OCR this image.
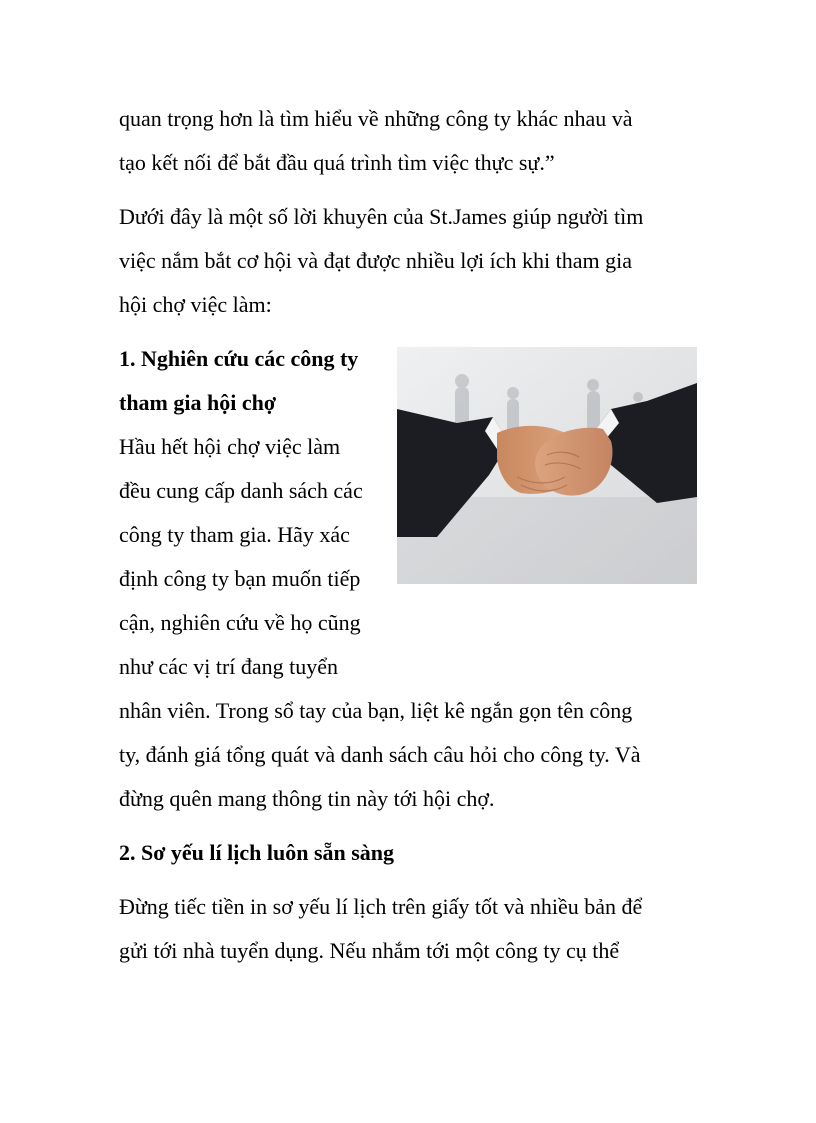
quan trọng hơn là tìm hiểu về những công ty khác nhau và

tạo kết nối để bắt đầu quá trình tìm việc thực sự.”

Dưới đây là một số lời khuyên của St.James giúp người tìm

việc nắm bắt cơ hội và đạt được nhiều lợi ích khi tham gia

hội chợ việc làm:

1. Nghiên cứu các công ty

tham gia hội chợ

Hầu hết hội chợ việc làm

đều cung cấp danh sách các

công ty tham gia. Hãy xác

định công ty bạn muốn tiếp

cận, nghiên cứu về họ cũng

như các vị trí đang tuyển

nhân viên. Trong sổ tay của bạn, liệt kê ngắn gọn tên công

ty, đánh giá tổng quát và danh sách câu hỏi cho công ty. Và

đừng quên mang thông tin này tới hội chợ.

2. Sơ yếu lí lịch luôn sẵn sàng

Đừng tiếc tiền in sơ yếu lí lịch trên giấy tốt và nhiều bản để

gửi tới nhà tuyển dụng. Nếu nhắm tới một công ty cụ thể
